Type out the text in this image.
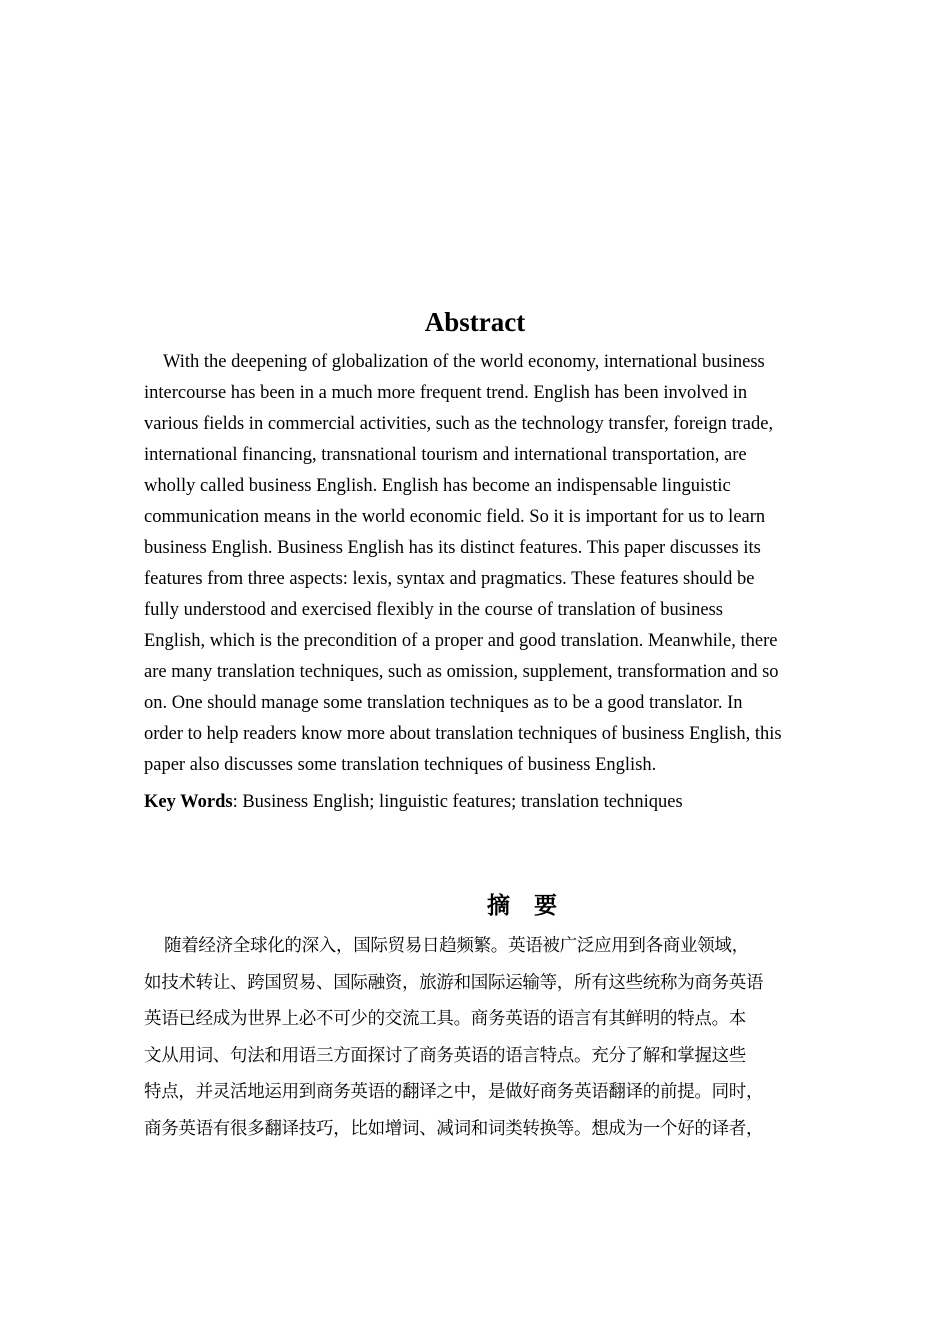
Abstract
With the deepening of globalization of the world economy, international business
intercourse has been in a much more frequent trend. English has been involved in
various fields in commercial activities, such as the technology transfer, foreign trade,
international financing, transnational tourism and international transportation, are
wholly called business English. English has become an indispensable linguistic
communication means in the world economic field. So it is important for us to learn
business English. Business English has its distinct features. This paper discusses its
features from three aspects: lexis, syntax and pragmatics. These features should be
fully understood and exercised flexibly in the course of translation of business
English, which is the precondition of a proper and good translation. Meanwhile, there
are many translation techniques, such as omission, supplement, transformation and so
on. One should manage some translation techniques as to be a good translator. In
order to help readers know more about translation techniques of business English, this
paper also discusses some translation techniques of business English.

Key Words: Business English; linguistic features; translation techniques

摘 要
随着经济全球化的深入，国际贸易日趋频繁。英语被广泛应用到各商业领域，
如技术转让、跨国贸易、国际融资，旅游和国际运输等，所有这些统称为商务英语
英语已经成为世界上必不可少的交流工具。商务英语的语言有其鲜明的特点。本
文从用词、句法和用语三方面探讨了商务英语的语言特点。充分了解和掌握这些
特点，并灵活地运用到商务英语的翻译之中，是做好商务英语翻译的前提。同时，
商务英语有很多翻译技巧，比如增词、减词和词类转换等。想成为一个好的译者，
